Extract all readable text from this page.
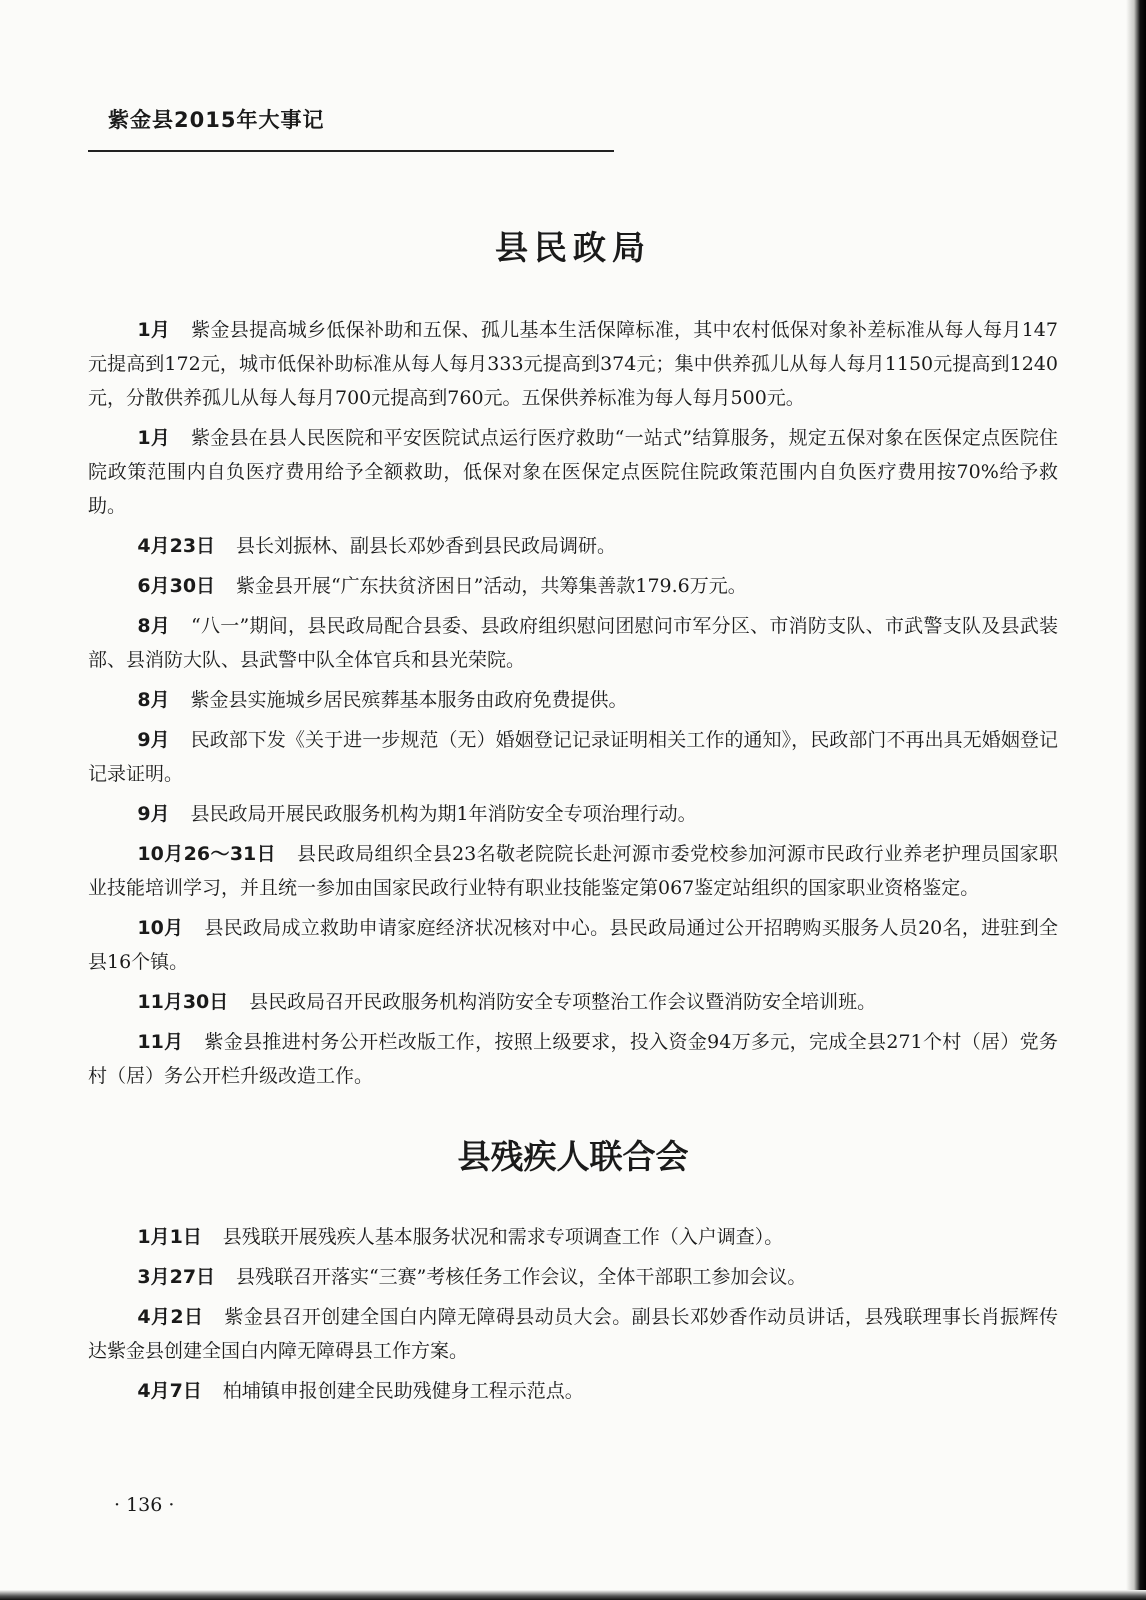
紫金县2015年大事记
县民政局

1月 紫金县提高城乡低保补助和五保、孤儿基本生活保障标准，其中农村低保对象补差标准从每人每月147元提高到172元，城市低保补助标准从每人每月333元提高到374元；集中供养孤儿从每人每月1150元提高到1240元，分散供养孤儿从每人每月700元提高到760元。五保供养标准为每人每月500元。

1月 紫金县在县人民医院和平安医院试点运行医疗救助“一站式”结算服务，规定五保对象在医保定点医院住院政策范围内自负医疗费用给予全额救助，低保对象在医保定点医院住院政策范围内自负医疗费用按70%给予救助。

4月23日 县长刘振林、副县长邓妙香到县民政局调研。

6月30日 紫金县开展“广东扶贫济困日”活动，共筹集善款179.6万元。

8月 “八一”期间，县民政局配合县委、县政府组织慰问团慰问市军分区、市消防支队、市武警支队及县武装部、县消防大队、县武警中队全体官兵和县光荣院。

8月 紫金县实施城乡居民殡葬基本服务由政府免费提供。

9月 民政部下发《关于进一步规范（无）婚姻登记记录证明相关工作的通知》，民政部门不再出具无婚姻登记记录证明。

9月 县民政局开展民政服务机构为期1年消防安全专项治理行动。

10月26～31日 县民政局组织全县23名敬老院院长赴河源市委党校参加河源市民政行业养老护理员国家职业技能培训学习，并且统一参加由国家民政行业特有职业技能鉴定第067鉴定站组织的国家职业资格鉴定。

10月 县民政局成立救助申请家庭经济状况核对中心。县民政局通过公开招聘购买服务人员20名，进驻到全县16个镇。

11月30日 县民政局召开民政服务机构消防安全专项整治工作会议暨消防安全培训班。

11月 紫金县推进村务公开栏改版工作，按照上级要求，投入资金94万多元，完成全县271个村（居）党务村（居）务公开栏升级改造工作。

县残疾人联合会

1月1日 县残联开展残疾人基本服务状况和需求专项调查工作（入户调查）。

3月27日 县残联召开落实“三赛”考核任务工作会议，全体干部职工参加会议。

4月2日 紫金县召开创建全国白内障无障碍县动员大会。副县长邓妙香作动员讲话，县残联理事长肖振辉传达紫金县创建全国白内障无障碍县工作方案。

4月7日 柏埔镇申报创建全民助残健身工程示范点。

· 136 ·
